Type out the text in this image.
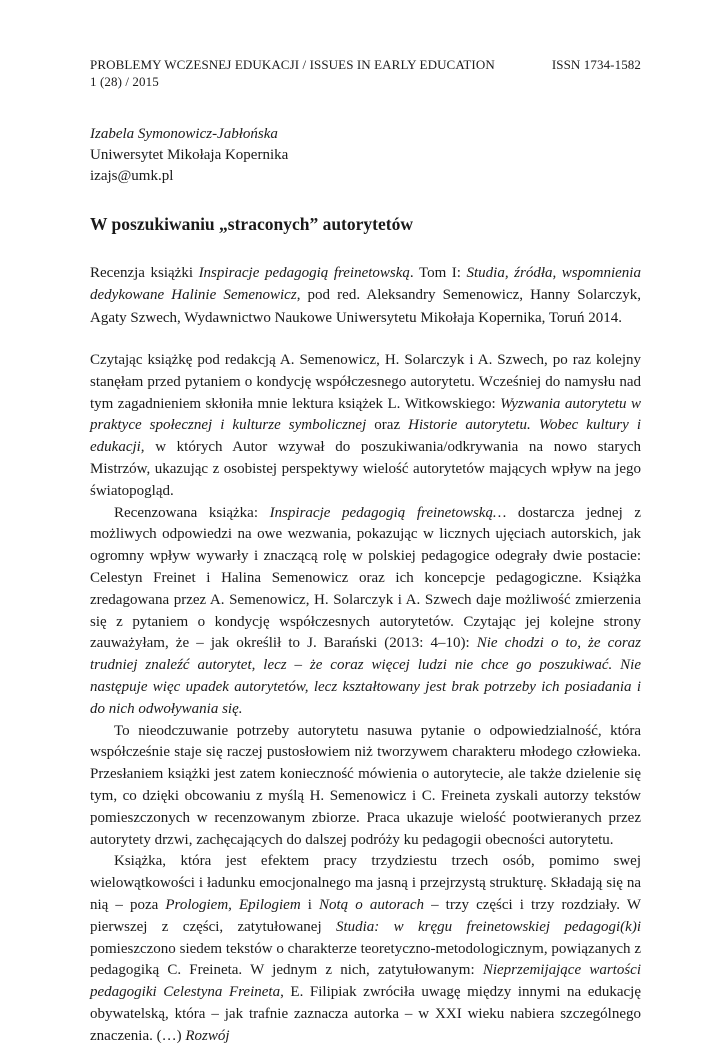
PROBLEMY WCZESNEJ EDUKACJI / ISSUES IN EARLY EDUCATION	ISSN 1734-1582
1 (28) / 2015
Izabela Symonowicz-Jabłońska
Uniwersytet Mikołaja Kopernika
izajs@umk.pl
W poszukiwaniu „straconych” autorytetów

Recenzja książki Inspiracje pedagogią freinetowską. Tom I: Studia, źródła, wspomnienia dedykowane Halinie Semenowicz, pod red. Aleksandry Semenowicz, Hanny Solarczyk, Agaty Szwech, Wydawnictwo Naukowe Uniwersytetu Mikołaja Kopernika, Toruń 2014.

Czytając książkę pod redakcją A. Semenowicz, H. Solarczyk i A. Szwech, po raz kolejny stanęłam przed pytaniem o kondycję współczesnego autorytetu. Wcześniej do namysłu nad tym zagadnieniem skłoniła mnie lektura książek L. Witkowskiego: Wyzwania autorytetu w praktyce społecznej i kulturze symbolicznej oraz Historie autorytetu. Wobec kultury i edukacji, w których Autor wzywał do poszukiwania/odkrywania na nowo starych Mistrzów, ukazując z osobistej perspektywy wielość autorytetów mających wpływ na jego światopogląd.

Recenzowana książka: Inspiracje pedagogią freinetowską… dostarcza jednej z możliwych odpowiedzi na owe wezwania, pokazując w licznych ujęciach autorskich, jak ogromny wpływ wywarły i znaczącą rolę w polskiej pedagogice odegrały dwie postacie: Celestyn Freinet i Halina Semenowicz oraz ich koncepcje pedagogiczne. Książka zredagowana przez A. Semenowicz, H. Solarczyk i A. Szwech daje możliwość zmierzenia się z pytaniem o kondycję współczesnych autorytetów. Czytając jej kolejne strony zauważyłam, że – jak określił to J. Barański (2013: 4–10): Nie chodzi o to, że coraz trudniej znaleźć autorytet, lecz – że coraz więcej ludzi nie chce go poszukiwać. Nie następuje więc upadek autorytetów, lecz kształtowany jest brak potrzeby ich posiadania i do nich odwoływania się.

To nieodczuwanie potrzeby autorytetu nasuwa pytanie o odpowiedzialność, która współcześnie staje się raczej pustosłowiem niż tworzywem charakteru młodego człowieka. Przesłaniem książki jest zatem konieczność mówienia o autorytecie, ale także dzielenie się tym, co dzięki obcowaniu z myślą H. Semenowicz i C. Freineta zyskali autorzy tekstów pomieszczonych w recenzowanym zbiorze. Praca ukazuje wielość pootwieranych przez autorytety drzwi, zachęcających do dalszej podróży ku pedagogii obecności autorytetu.

Książka, która jest efektem pracy trzydziestu trzech osób, pomimo swej wielowątkowości i ładunku emocjonalnego ma jasną i przejrzystą strukturę. Składają się na nią – poza Prologiem, Epilogiem i Notą o autorach – trzy części i trzy rozdziały. W pierwszej z części, zatytułowanej Studia: w kręgu freinetowskiej pedagogi(k)i pomieszczono siedem tekstów o charakterze teoretyczno-metodologicznym, powiązanych z pedagogiką C. Freineta. W jednym z nich, zatytułowanym: Nieprzemijające wartości pedagogiki Celestyna Freineta, E. Filipiak zwróciła uwagę między innymi na edukację obywatelską, która – jak trafnie zaznacza autorka – w XXI wieku nabiera szczególnego znaczenia. (…) Rozwój
